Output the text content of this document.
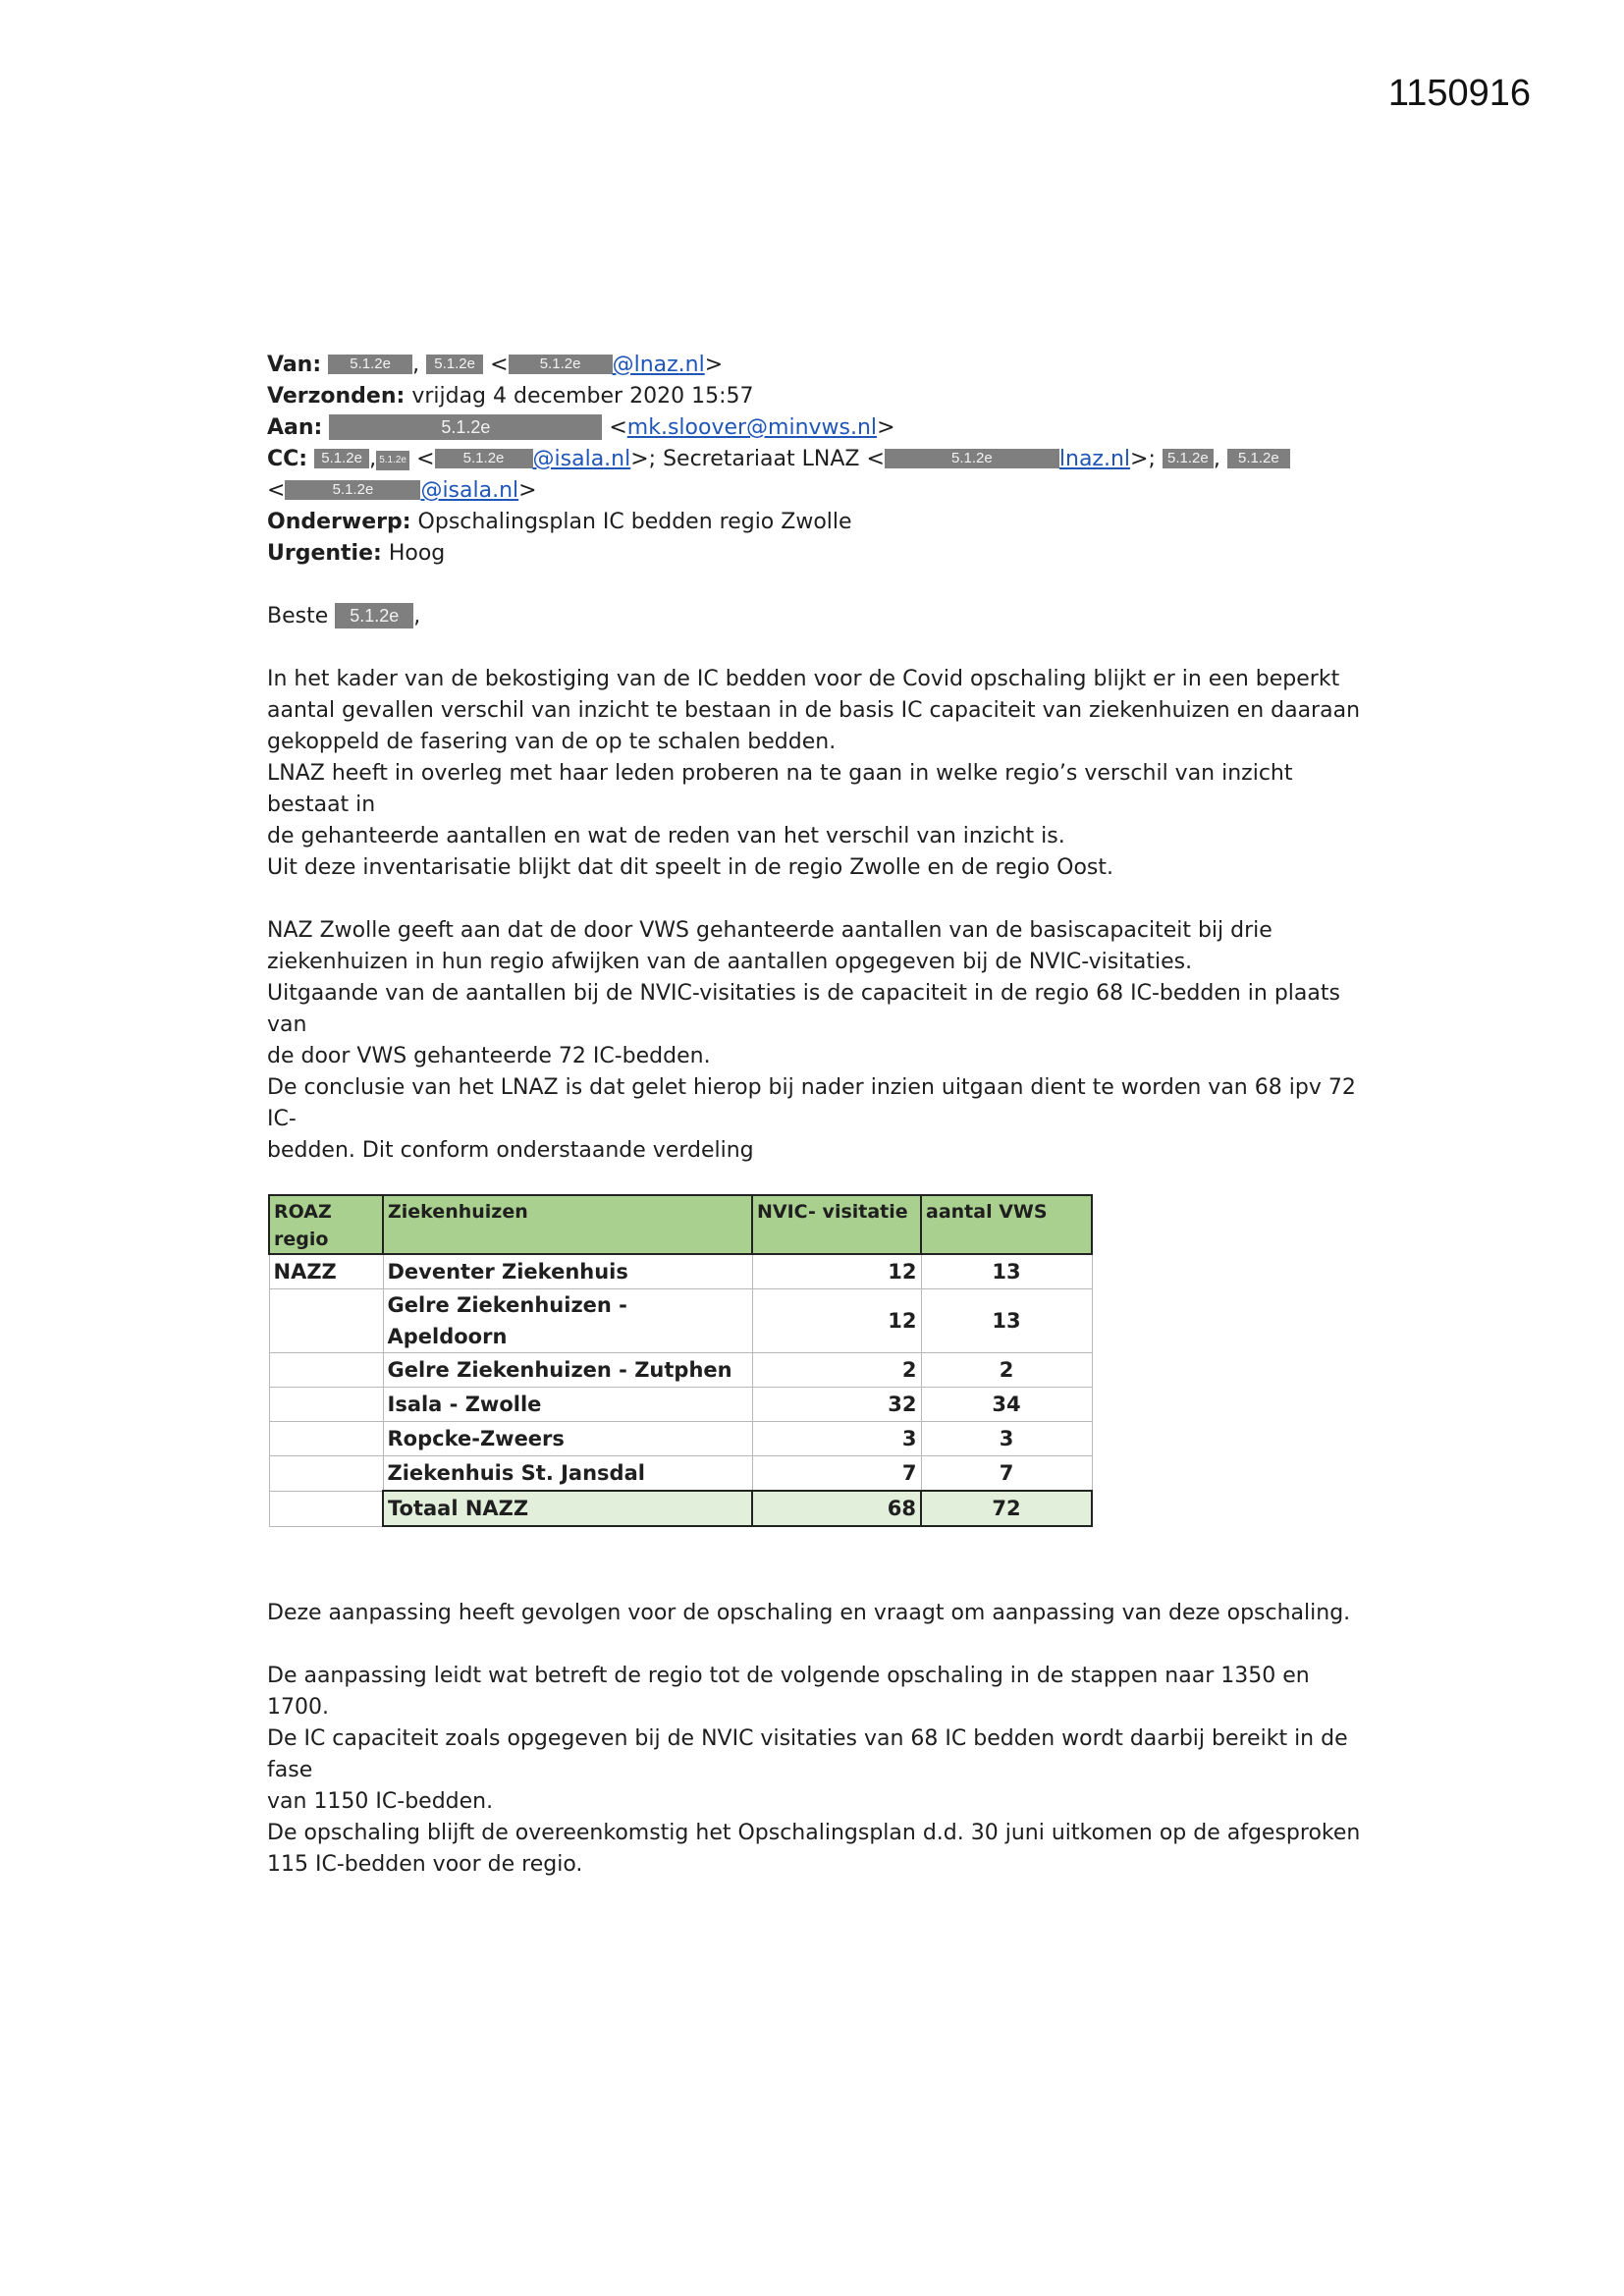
1150916
Van: 5.1.2e , 5.1.2e < 5.1.2e @lnaz.nl>
Verzonden: vrijdag 4 december 2020 15:57
Aan:	5.1.2e	<mk.sloover@minvws.nl>
CC: 5.1.2e , 5.1.2e < 5.1.2e @isala.nl>; Secretariaat LNAZ <	5.1.2e	lnaz.nl>; 5.1.2e , 5.1.2e
<	5.1.2e @isala.nl>
Onderwerp: Opschalingsplan IC bedden regio Zwolle
Urgentie: Hoog
Beste 5.1.2e ,

In het kader van de bekostiging van de IC bedden voor de Covid opschaling blijkt er in een beperkt

aantal gevallen verschil van inzicht te bestaan in de basis IC capaciteit van ziekenhuizen en daaraan

gekoppeld de fasering van de op te schalen bedden.

LNAZ heeft in overleg met haar leden proberen na te gaan in welke regio’s verschil van inzicht bestaat in

de gehanteerde aantallen en wat de reden van het verschil van inzicht is.

Uit deze inventarisatie blijkt dat dit speelt in de regio Zwolle en de regio Oost.

NAZ Zwolle geeft aan dat de door VWS gehanteerde aantallen van de basiscapaciteit bij drie

ziekenhuizen in hun regio afwijken van de aantallen opgegeven bij de NVIC-visitaties.

Uitgaande van de aantallen bij de NVIC-visitaties is de capaciteit in de regio 68 IC-bedden in plaats van

de door VWS gehanteerde 72 IC-bedden.

De conclusie van het LNAZ is dat gelet hierop bij nader inzien uitgaan dient te worden van 68 ipv 72 IC-

bedden. Dit conform onderstaande verdeling

ROAZ regio	Ziekenhuizen	NVIC- visitatie	aantal VWS
NAZZ	Deventer Ziekenhuis	12	13
	Gelre Ziekenhuizen - Apeldoorn	12	13
	Gelre Ziekenhuizen - Zutphen	2	2
	Isala - Zwolle	32	34
	Ropcke-Zweers	3	3
	Ziekenhuis St. Jansdal	7	7
	Totaal NAZZ	68	72

Deze aanpassing heeft gevolgen voor de opschaling en vraagt om aanpassing van deze opschaling.

De aanpassing leidt wat betreft de regio tot de volgende opschaling in de stappen naar 1350 en 1700.

De IC capaciteit zoals opgegeven bij de NVIC visitaties van 68 IC bedden wordt daarbij bereikt in de fase

van 1150 IC-bedden.

De opschaling blijft de overeenkomstig het Opschalingsplan d.d. 30 juni uitkomen op de afgesproken

115 IC-bedden voor de regio.
